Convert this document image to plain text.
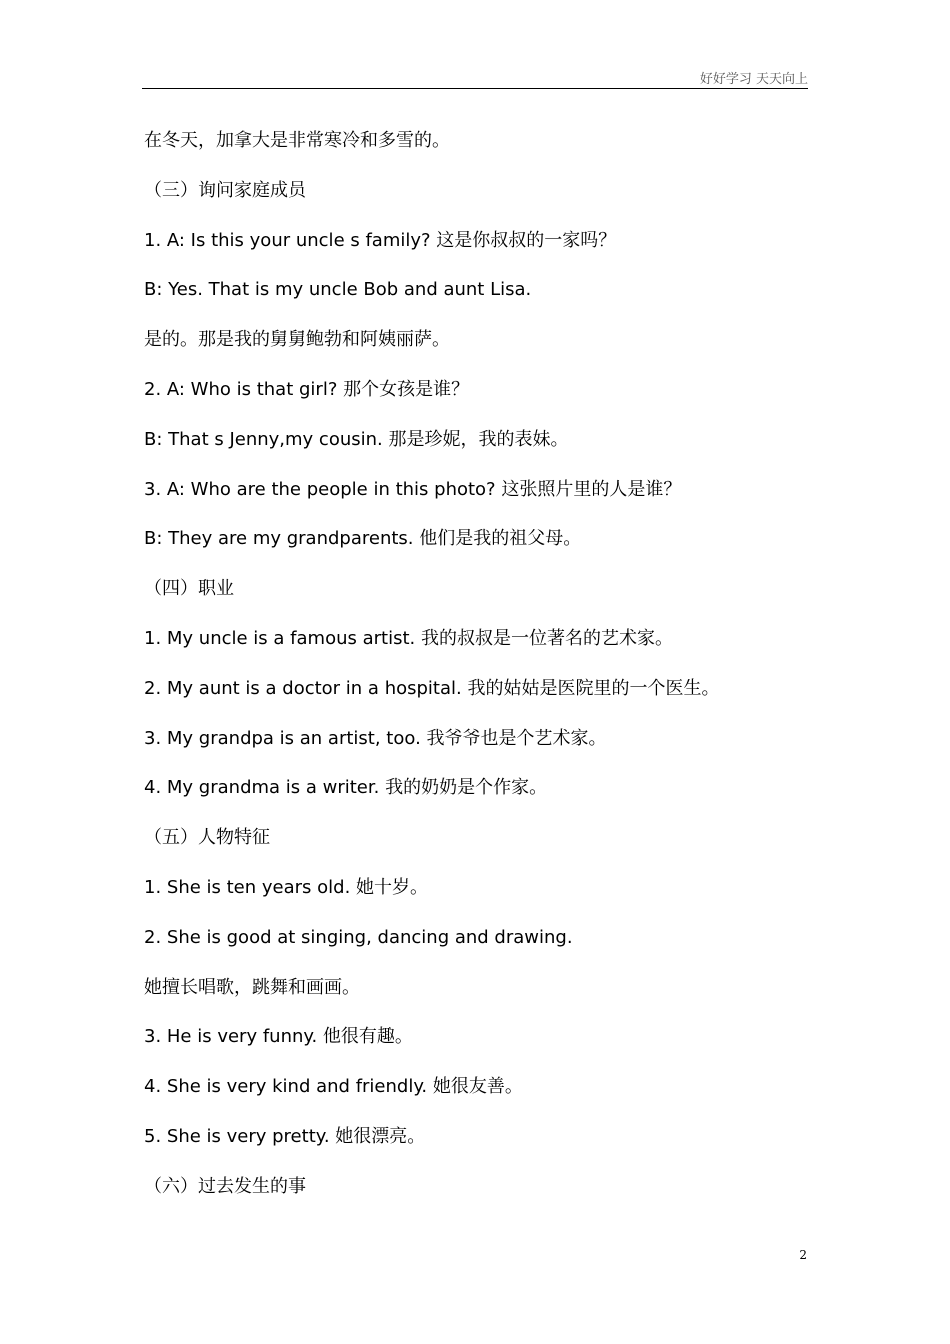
好好学习 天天向上
在冬天，加拿大是非常寒冷和多雪的。
（三）询问家庭成员
1. A: Is this your uncle s family? 这是你叔叔的一家吗？
B: Yes. That is my uncle Bob and aunt Lisa.
是的。那是我的舅舅鲍勃和阿姨丽萨。
2. A: Who is that girl? 那个女孩是谁？
B: That s Jenny,my cousin. 那是珍妮，我的表妹。
3. A: Who are the people in this photo? 这张照片里的人是谁？
B: They are my grandparents. 他们是我的祖父母。
（四）职业
1. My uncle is a famous artist. 我的叔叔是一位著名的艺术家。
2. My aunt is a doctor in a hospital. 我的姑姑是医院里的一个医生。
3. My grandpa is an artist, too. 我爷爷也是个艺术家。
4. My grandma is a writer. 我的奶奶是个作家。
（五）人物特征
1. She is ten years old. 她十岁。
2. She is good at singing, dancing and drawing.
她擅长唱歌，跳舞和画画。
3. He is very funny. 他很有趣。
4. She is very kind and friendly. 她很友善。
5. She is very pretty. 她很漂亮。
（六）过去发生的事
2
